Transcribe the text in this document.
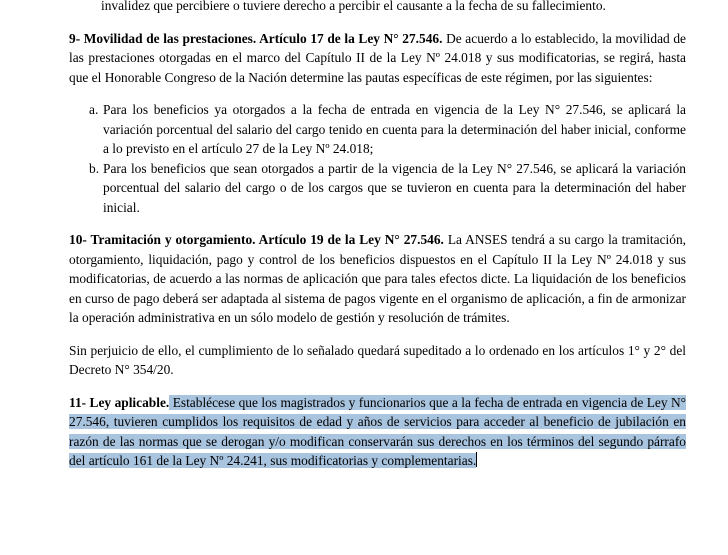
invalidez que percibiere o tuviere derecho a percibir el causante a la fecha de su fallecimiento.

9- Movilidad de las prestaciones. Artículo 17 de la Ley N° 27.546. De acuerdo a lo establecido, la movilidad de las prestaciones otorgadas en el marco del Capítulo II de la Ley Nº 24.018 y sus modificatorias, se regirá, hasta que el Honorable Congreso de la Nación determine las pautas específicas de este régimen, por las siguientes:

a. Para los beneficios ya otorgados a la fecha de entrada en vigencia de la Ley N° 27.546, se aplicará la variación porcentual del salario del cargo tenido en cuenta para la determinación del haber inicial, conforme a lo previsto en el artículo 27 de la Ley Nº 24.018;
b. Para los beneficios que sean otorgados a partir de la vigencia de la Ley N° 27.546, se aplicará la variación porcentual del salario del cargo o de los cargos que se tuvieron en cuenta para la determinación del haber inicial.

10- Tramitación y otorgamiento. Artículo 19 de la Ley N° 27.546. La ANSES tendrá a su cargo la tramitación, otorgamiento, liquidación, pago y control de los beneficios dispuestos en el Capítulo II la Ley Nº 24.018 y sus modificatorias, de acuerdo a las normas de aplicación que para tales efectos dicte. La liquidación de los beneficios en curso de pago deberá ser adaptada al sistema de pagos vigente en el organismo de aplicación, a fin de armonizar la operación administrativa en un sólo modelo de gestión y resolución de trámites.

Sin perjuicio de ello, el cumplimiento de lo señalado quedará supeditado a lo ordenado en los artículos 1° y 2° del Decreto N° 354/20.

11- Ley aplicable. Establécese que los magistrados y funcionarios que a la fecha de entrada en vigencia de Ley N° 27.546, tuvieren cumplidos los requisitos de edad y años de servicios para acceder al beneficio de jubilación en razón de las normas que se derogan y/o modifican conservarán sus derechos en los términos del segundo párrafo del artículo 161 de la Ley Nº 24.241, sus modificatorias y complementarias.
